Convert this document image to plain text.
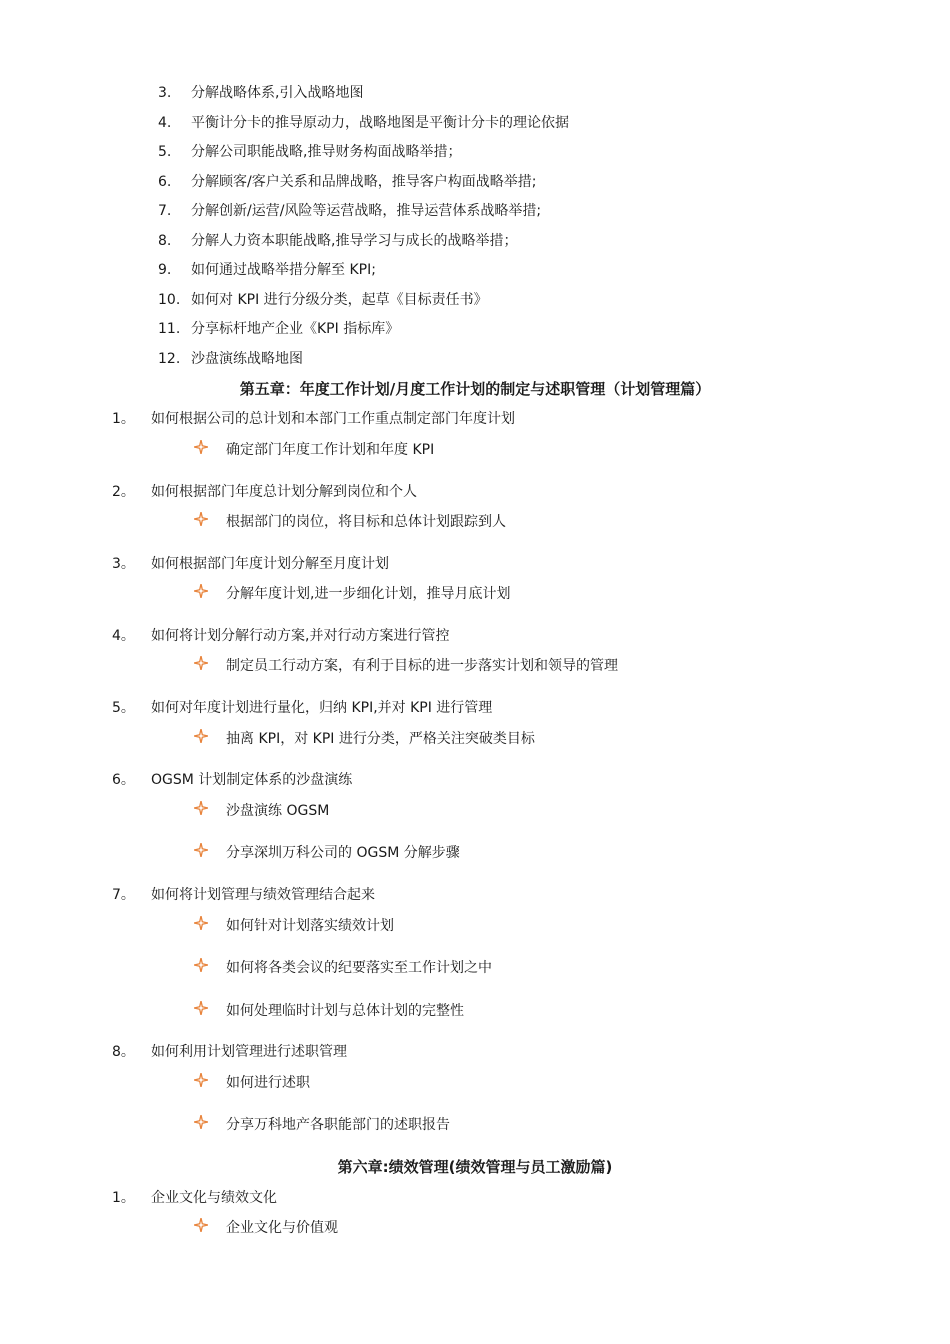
3. 分解战略体系,引入战略地图
4. 平衡计分卡的推导原动力，战略地图是平衡计分卡的理论依据
5. 分解公司职能战略,推导财务构面战略举措；
6. 分解顾客/客户关系和品牌战略，推导客户构面战略举措;
7. 分解创新/运营/风险等运营战略，推导运营体系战略举措;
8. 分解人力资本职能战略,推导学习与成长的战略举措；
9. 如何通过战略举措分解至 KPI;
10. 如何对 KPI 进行分级分类，起草《目标责任书》
11. 分享标杆地产企业《KPI 指标库》
12. 沙盘演练战略地图
第五章：年度工作计划/月度工作计划的制定与述职管理（计划管理篇）
1。 如何根据公司的总计划和本部门工作重点制定部门年度计划
确定部门年度工作计划和年度 KPI
2。 如何根据部门年度总计划分解到岗位和个人
根据部门的岗位，将目标和总体计划跟踪到人
3。 如何根据部门年度计划分解至月度计划
分解年度计划,进一步细化计划，推导月底计划
4。 如何将计划分解行动方案,并对行动方案进行管控
制定员工行动方案，有利于目标的进一步落实计划和领导的管理
5。 如何对年度计划进行量化，归纳 KPI,并对 KPI 进行管理
抽离 KPI，对 KPI 进行分类，严格关注突破类目标
6。 OGSM 计划制定体系的沙盘演练
沙盘演练 OGSM
分享深圳万科公司的 OGSM 分解步骤
7。 如何将计划管理与绩效管理结合起来
如何针对计划落实绩效计划
如何将各类会议的纪要落实至工作计划之中
如何处理临时计划与总体计划的完整性
8。 如何利用计划管理进行述职管理
如何进行述职
分享万科地产各职能部门的述职报告
第六章:绩效管理(绩效管理与员工激励篇)
1。 企业文化与绩效文化
企业文化与价值观
